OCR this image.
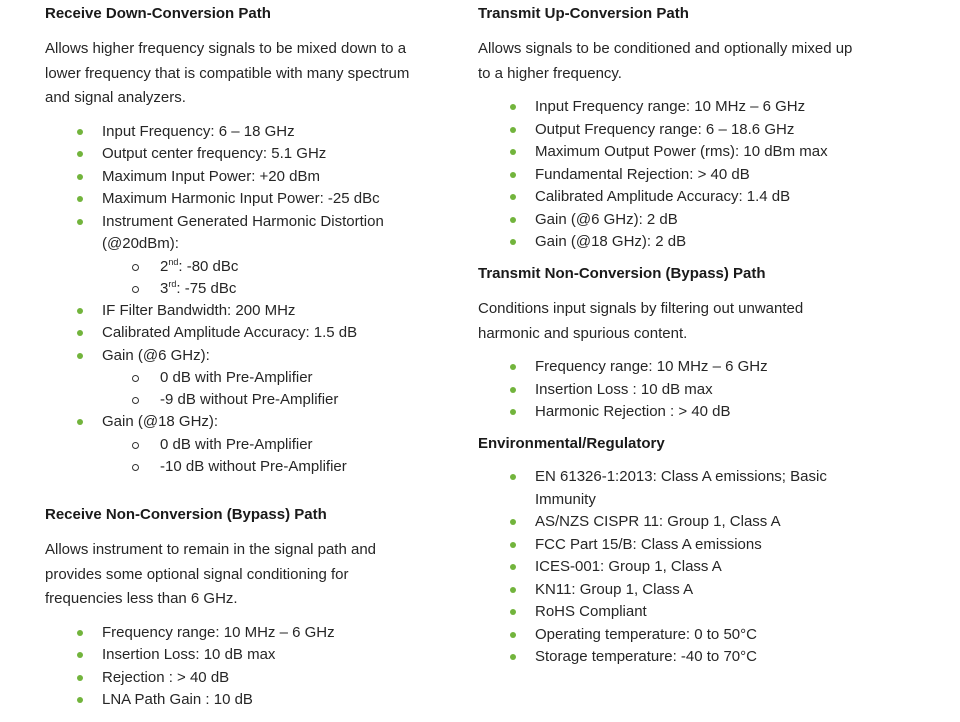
Receive Down-Conversion Path

Allows higher frequency signals to be mixed down to a
lower frequency that is compatible with many spectrum
and signal analyzers.

Input Frequency: 6 – 18 GHz
Output center frequency: 5.1 GHz
Maximum Input Power: +20 dBm
Maximum Harmonic Input Power: -25 dBc
Instrument Generated Harmonic Distortion
(@20dBm):
2nd: -80 dBc
3rd: -75 dBc
IF Filter Bandwidth: 200 MHz
Calibrated Amplitude Accuracy: 1.5 dB
Gain (@6 GHz):
0 dB with Pre-Amplifier
-9 dB without Pre-Amplifier
Gain (@18 GHz):
0 dB with Pre-Amplifier
-10 dB without Pre-Amplifier
Receive Non-Conversion (Bypass) Path

Allows instrument to remain in the signal path and
provides some optional signal conditioning for
frequencies less than 6 GHz.

Frequency range: 10 MHz – 6 GHz
Insertion Loss: 10 dB max
Rejection : > 40 dB
LNA Path Gain : 10 dB
Transmit Up-Conversion Path

Allows signals to be conditioned and optionally mixed up
to a higher frequency.

Input Frequency range: 10 MHz – 6 GHz
Output Frequency range: 6 – 18.6 GHz
Maximum Output Power (rms): 10 dBm max
Fundamental Rejection: > 40 dB
Calibrated Amplitude Accuracy: 1.4 dB
Gain (@6 GHz): 2 dB
Gain (@18 GHz): 2 dB
Transmit Non-Conversion (Bypass) Path

Conditions input signals by filtering out unwanted
harmonic and spurious content.

Frequency range: 10 MHz – 6 GHz
Insertion Loss : 10 dB max
Harmonic Rejection : > 40 dB
Environmental/Regulatory
EN 61326-1:2013: Class A emissions; Basic
Immunity
AS/NZS CISPR 11: Group 1, Class A
FCC Part 15/B: Class A emissions
ICES-001: Group 1, Class A
KN11: Group 1, Class A
RoHS Compliant
Operating temperature: 0 to 50°C
Storage temperature: -40 to 70°C
